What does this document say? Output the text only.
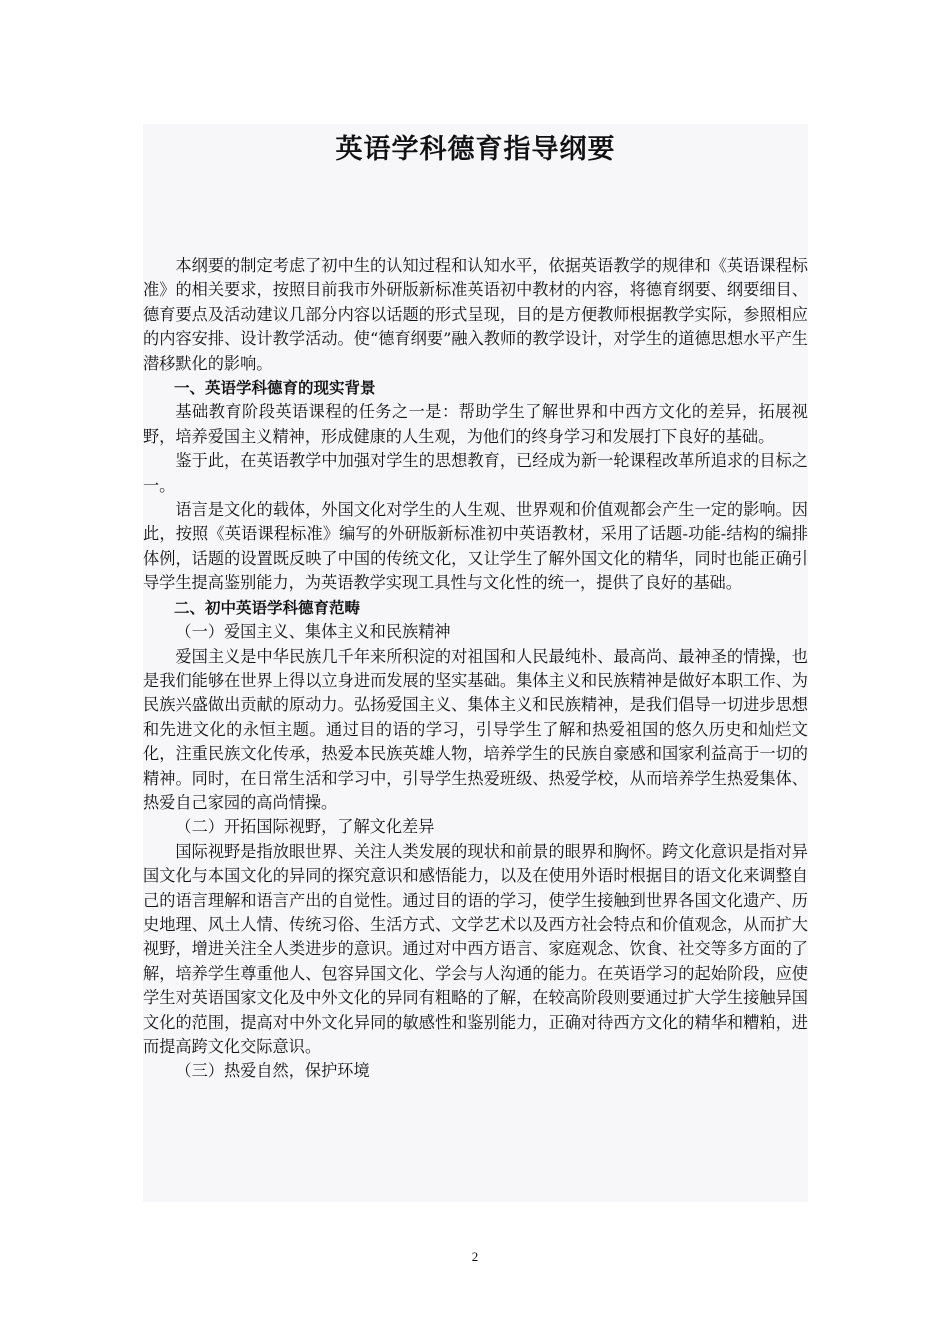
英语学科德育指导纲要

本纲要的制定考虑了初中生的认知过程和认知水平，依据英语教学的规律和《英语课程标准》的相关要求，按照目前我市外研版新标准英语初中教材的内容，将德育纲要、纲要细目、德育要点及活动建议几部分内容以话题的形式呈现，目的是方便教师根据教学实际，参照相应的内容安排、设计教学活动。使“德育纲要”融入教师的教学设计，对学生的道德思想水平产生潜移默化的影响。

一、英语学科德育的现实背景

基础教育阶段英语课程的任务之一是：帮助学生了解世界和中西方文化的差异，拓展视野，培养爱国主义精神，形成健康的人生观，为他们的终身学习和发展打下良好的基础。

鉴于此，在英语教学中加强对学生的思想教育，已经成为新一轮课程改革所追求的目标之一。

语言是文化的载体，外国文化对学生的人生观、世界观和价值观都会产生一定的影响。因此，按照《英语课程标准》编写的外研版新标准初中英语教材，采用了话题-功能-结构的编排体例，话题的设置既反映了中国的传统文化，又让学生了解外国文化的精华，同时也能正确引导学生提高鉴别能力，为英语教学实现工具性与文化性的统一，提供了良好的基础。

二、初中英语学科德育范畴

（一）爱国主义、集体主义和民族精神

爱国主义是中华民族几千年来所积淀的对祖国和人民最纯朴、最高尚、最神圣的情操，也是我们能够在世界上得以立身进而发展的坚实基础。集体主义和民族精神是做好本职工作、为民族兴盛做出贡献的原动力。弘扬爱国主义、集体主义和民族精神，是我们倡导一切进步思想和先进文化的永恒主题。通过目的语的学习，引导学生了解和热爱祖国的悠久历史和灿烂文化，注重民族文化传承，热爱本民族英雄人物，培养学生的民族自豪感和国家利益高于一切的精神。同时，在日常生活和学习中，引导学生热爱班级、热爱学校，从而培养学生热爱集体、热爱自己家园的高尚情操。

（二）开拓国际视野，了解文化差异

国际视野是指放眼世界、关注人类发展的现状和前景的眼界和胸怀。跨文化意识是指对异国文化与本国文化的异同的探究意识和感悟能力，以及在使用外语时根据目的语文化来调整自己的语言理解和语言产出的自觉性。通过目的语的学习，使学生接触到世界各国文化遗产、历史地理、风土人情、传统习俗、生活方式、文学艺术以及西方社会特点和价值观念，从而扩大视野，增进关注全人类进步的意识。通过对中西方语言、家庭观念、饮食、社交等多方面的了解，培养学生尊重他人、包容异国文化、学会与人沟通的能力。在英语学习的起始阶段，应使学生对英语国家文化及中外文化的异同有粗略的了解，在较高阶段则要通过扩大学生接触异国文化的范围，提高对中外文化异同的敏感性和鉴别能力，正确对待西方文化的精华和糟粕，进而提高跨文化交际意识。

（三）热爱自然，保护环境

2
